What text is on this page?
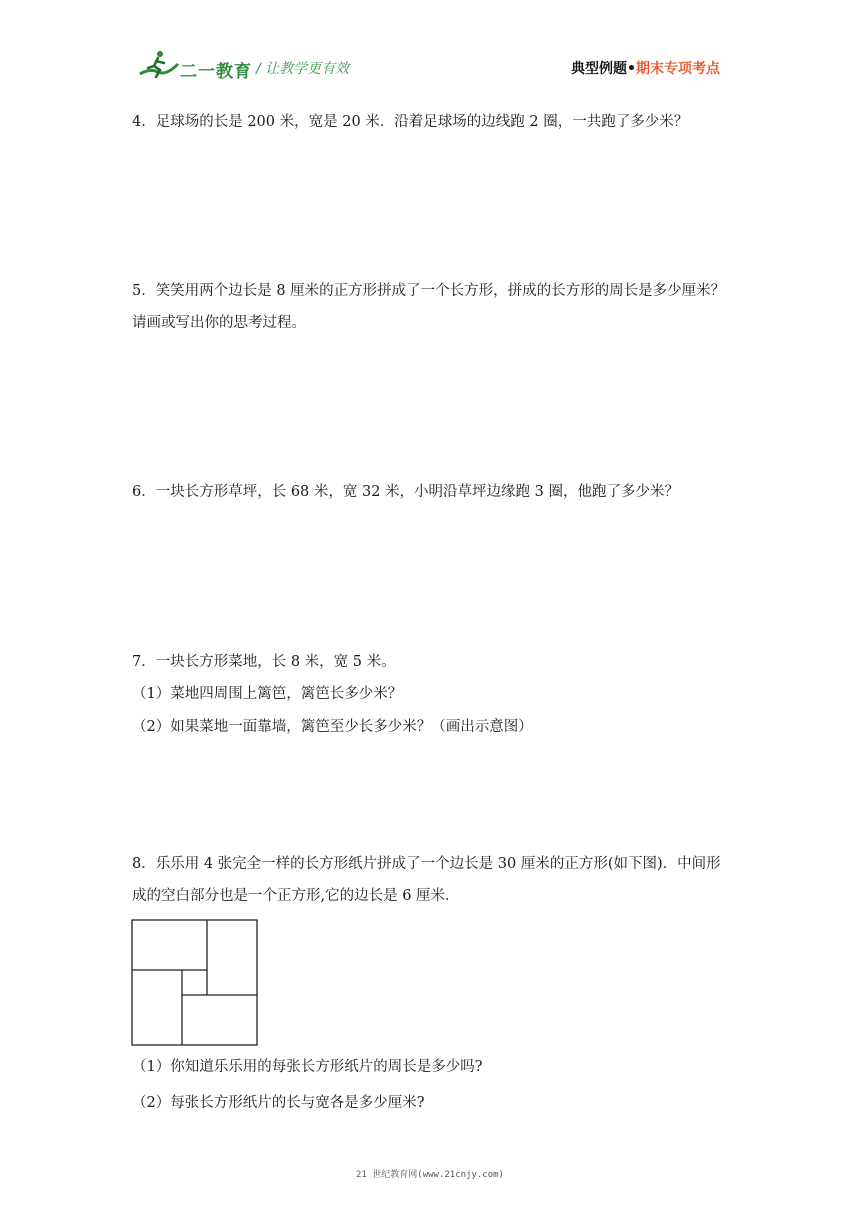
二一教育 / 让教学更有效	典型例题•期末专项考点
4．足球场的长是 200 米，宽是 20 米．沿着足球场的边线跑 2 圈，一共跑了多少米？
5．笑笑用两个边长是 8 厘米的正方形拼成了一个长方形，拼成的长方形的周长是多少厘米？
请画或写出你的思考过程。
6．一块长方形草坪，长 68 米，宽 32 米，小明沿草坪边缘跑 3 圈，他跑了多少米？
7．一块长方形菜地，长 8 米，宽 5 米。
（1）菜地四周围上篱笆，篱笆长多少米？
（2）如果菜地一面靠墙，篱笆至少长多少米？（画出示意图）
8．乐乐用 4 张完全一样的长方形纸片拼成了一个边长是 30 厘米的正方形(如下图)．中间形
成的空白部分也是一个正方形,它的边长是 6 厘米．
（1）你知道乐乐用的每张长方形纸片的周长是多少吗?
（2）每张长方形纸片的长与宽各是多少厘米?
21 世纪教育网(www.21cnjy.com)
